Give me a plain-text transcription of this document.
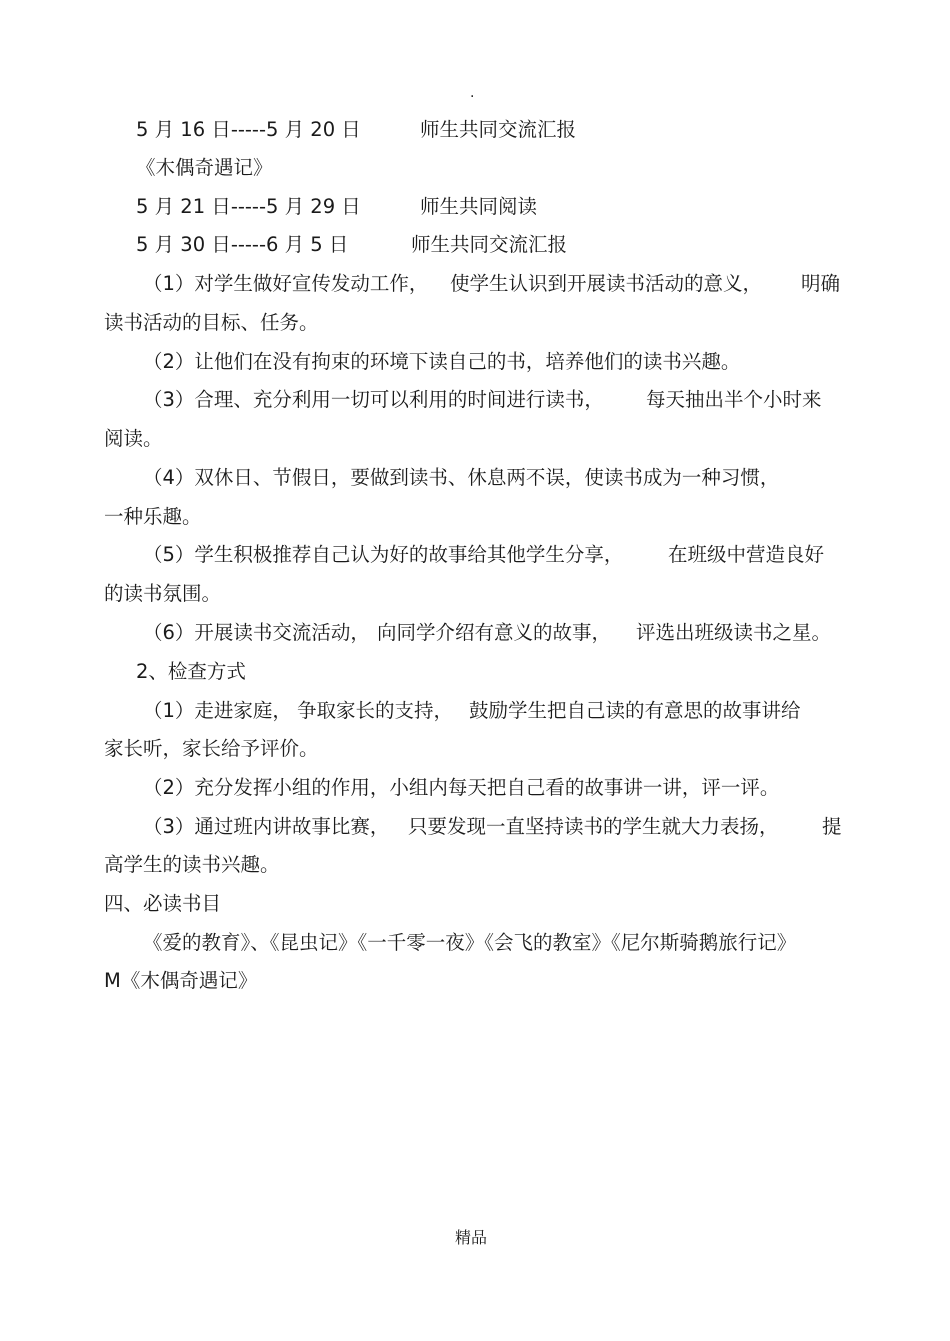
.
5 月 16 日-----5 月 20 日	师生共同交流汇报
《木偶奇遇记》
5 月 21 日-----5 月 29 日	师生共同阅读
5 月 30 日-----6 月 5 日	师生共同交流汇报
（1）对学生做好宣传发动工作， 使学生认识到开展读书活动的意义， 明确
读书活动的目标、任务。
（2）让他们在没有拘束的环境下读自己的书，培养他们的读书兴趣。
（3）合理、充分利用一切可以利用的时间进行读书， 每天抽出半个小时来
阅读。
（4）双休日、节假日，要做到读书、休息两不误，使读书成为一种习惯，
一种乐趣。
（5）学生积极推荐自己认为好的故事给其他学生分享， 在班级中营造良好
的读书氛围。
（6）开展读书交流活动， 向同学介绍有意义的故事， 评选出班级读书之星。
2、检查方式
（1）走进家庭， 争取家长的支持， 鼓励学生把自己读的有意思的故事讲给
家长听，家长给予评价。
（2）充分发挥小组的作用，小组内每天把自己看的故事讲一讲，评一评。
（3）通过班内讲故事比赛， 只要发现一直坚持读书的学生就大力表扬， 提
高学生的读书兴趣。
四、必读书目
《爱的教育》、《昆虫记》《一千零一夜》《会飞的教室》《尼尔斯骑鹅旅行记》
M《木偶奇遇记》
精品
